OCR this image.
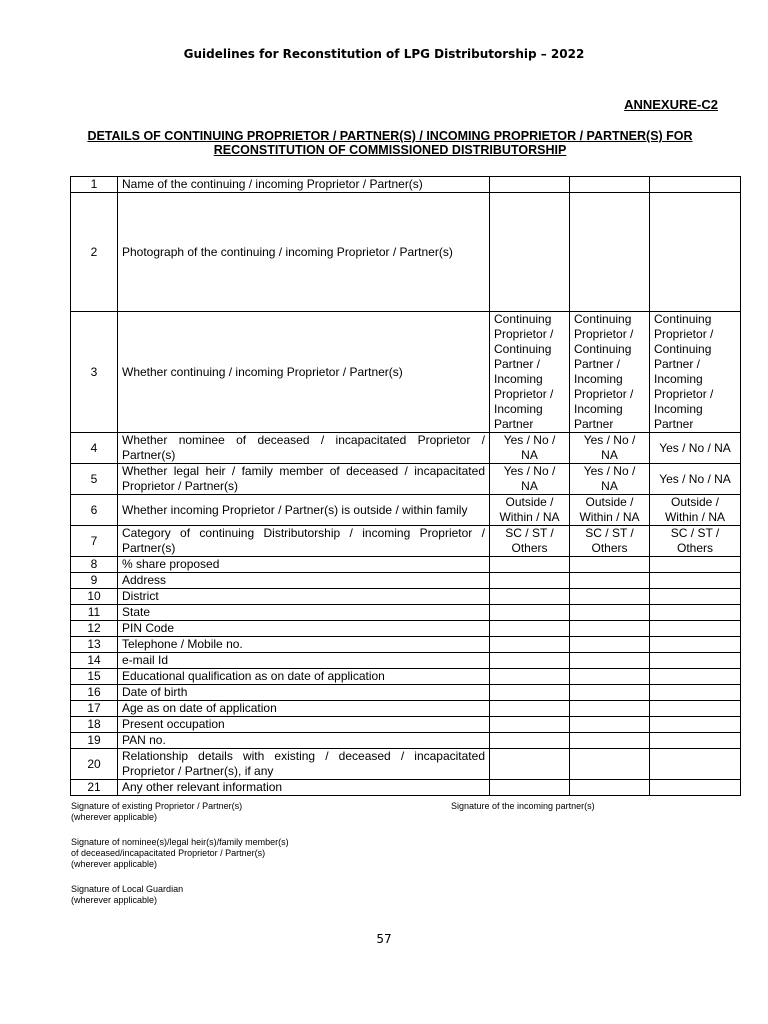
Guidelines for Reconstitution of LPG Distributorship – 2022
ANNEXURE-C2
DETAILS OF CONTINUING PROPRIETOR / PARTNER(S) / INCOMING PROPRIETOR / PARTNER(S) FOR
RECONSTITUTION OF COMMISSIONED DISTRIBUTORSHIP
1	Name of the continuing / incoming Proprietor / Partner(s)			
2	Photograph of the continuing / incoming Proprietor / Partner(s)			
3	Whether continuing / incoming Proprietor / Partner(s)	Continuing Proprietor / Continuing Partner / Incoming Proprietor / Incoming Partner	Continuing Proprietor / Continuing Partner / Incoming Proprietor / Incoming Partner	Continuing Proprietor / Continuing Partner / Incoming Proprietor / Incoming Partner
4	Whether nominee of deceased / incapacitated Proprietor / Partner(s)	Yes / No / NA	Yes / No / NA	Yes / No / NA
5	Whether legal heir / family member of deceased / incapacitated Proprietor / Partner(s)	Yes / No / NA	Yes / No / NA	Yes / No / NA
6	Whether incoming Proprietor / Partner(s) is outside / within family	Outside / Within / NA	Outside / Within / NA	Outside / Within / NA
7	Category of continuing Distributorship / incoming Proprietor / Partner(s)	SC / ST / Others	SC / ST / Others	SC / ST / Others
8	% share proposed			
9	Address			
10	District			
11	State			
12	PIN Code			
13	Telephone / Mobile no.			
14	e-mail Id			
15	Educational qualification as on date of application			
16	Date of birth			
17	Age as on date of application			
18	Present occupation			
19	PAN no.			
20	Relationship details with existing / deceased / incapacitated Proprietor / Partner(s), if any			
21	Any other relevant information			
Signature of existing Proprietor / Partner(s)
(wherever applicable)
Signature of the incoming partner(s)
Signature of nominee(s)/legal heir(s)/family member(s)
of deceased/incapacitated Proprietor / Partner(s)
(wherever applicable)
Signature of Local Guardian
(wherever applicable)
57
